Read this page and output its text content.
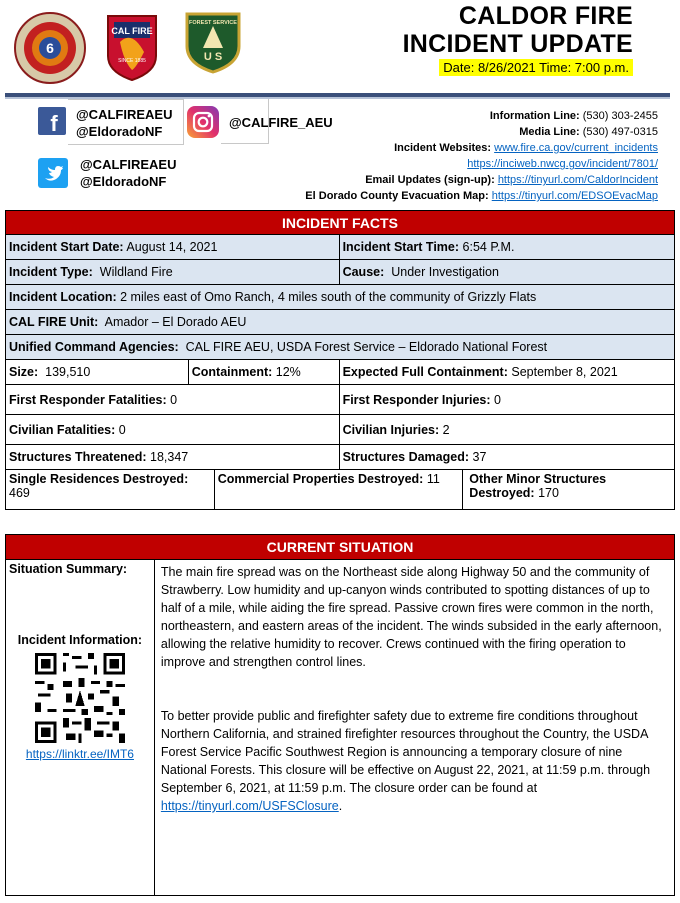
6
CAL FIRE
SINCE 1885
FOREST SERVICE
U S
CALDOR FIRE
INCIDENT UPDATE
Date: 8/26/2021 Time: 7:00 p.m.
f @CALFIREAEU
@EldoradoNF
@CALFIRE_AEU
@CALFIREAEU
@EldoradoNF
Information Line: (530) 303-2455
Media Line: (530) 497-0315
Incident Websites: www.fire.ca.gov/current_incidents
https://inciweb.nwcg.gov/incident/7801/
Email Updates (sign-up): https://tinyurl.com/CaldorIncident
El Dorado County Evacuation Map: https://tinyurl.com/EDSOEvacMap
INCIDENT FACTS				
Incident Start Date: August 14, 2021			Incident Start Time: 6:54 P.M.	
Incident Type: Wildland Fire			Cause: Under Investigation	
Incident Location: 2 miles east of Omo Ranch, 4 miles south of the community of Grizzly Flats				
CAL FIRE Unit: Amador – El Dorado AEU				
Unified Command Agencies: CAL FIRE AEU, USDA Forest Service – Eldorado National Forest				
Size: 139,510	Containment: 12%		Expected Full Containment: September 8, 2021	
First Responder Fatalities: 0			First Responder Injuries: 0	
Civilian Fatalities: 0			Civilian Injuries: 2	
Structures Threatened: 18,347			Structures Damaged: 37	
Single Residences Destroyed: 469		Commercial Properties Destroyed: 11		Other Minor Structures Destroyed: 170
CURRENT SITUATION

Situation Summary:
Incident Information:
https://linktr.ee/IMT6

The main fire spread was on the Northeast side along Highway 50 and the community of Strawberry. Low humidity and up-canyon winds contributed to spotting distances of up to half of a mile, while aiding the fire spread. Passive crown fires were common in the north, northeastern, and eastern areas of the incident. The winds subsided in the early afternoon, allowing the relative humidity to recover. Crews continued with the firing operation to improve and strengthen control lines.
To better provide public and firefighter safety due to extreme fire conditions throughout Northern California, and strained firefighter resources throughout the Country, the USDA Forest Service Pacific Southwest Region is announcing a temporary closure of nine National Forests. This closure will be effective on August 22, 2021, at 11:59 p.m. through September 6, 2021, at 11:59 p.m. The closure order can be found at https://tinyurl.com/USFSClosure.
